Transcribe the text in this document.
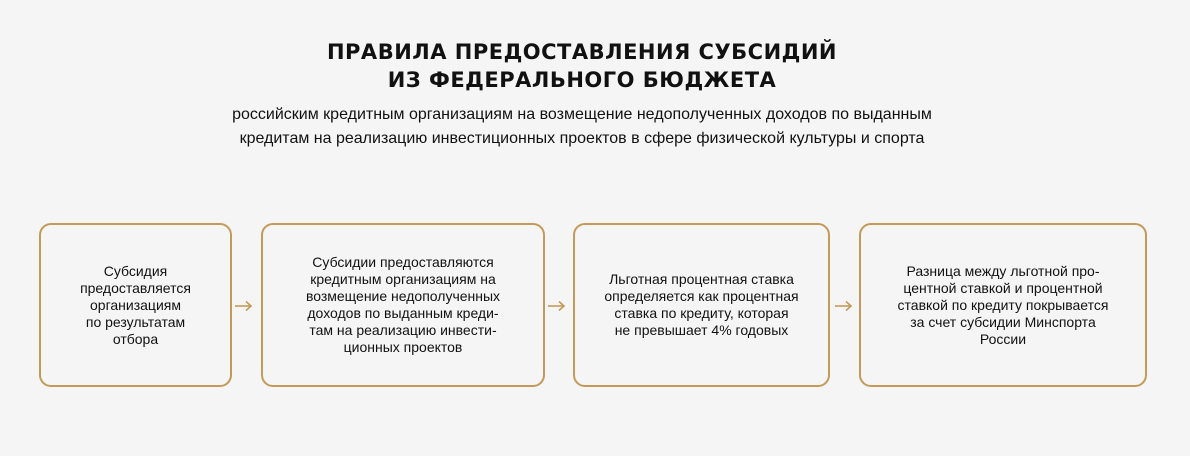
ПРАВИЛА ПРЕДОСТАВЛЕНИЯ СУБСИДИЙ
ИЗ ФЕДЕРАЛЬНОГО БЮДЖЕТА

российским кредитным организациям на возмещение недополученных доходов по выданным
кредитам на реализацию инвестиционных проектов в сфере физической культуры и спорта

Субсидия
предоставляется
организациям
по результатам
отбора
Субсидии предоставляются
кредитным организациям на
возмещение недополученных
доходов по выданным креди-
там на реализацию инвести-
ционных проектов
Льготная процентная ставка
определяется как процентная
ставка по кредиту, которая
не превышает 4% годовых
Разница между льготной про-
центной ставкой и процентной
ставкой по кредиту покрывается
за счет субсидии Минспорта
России
